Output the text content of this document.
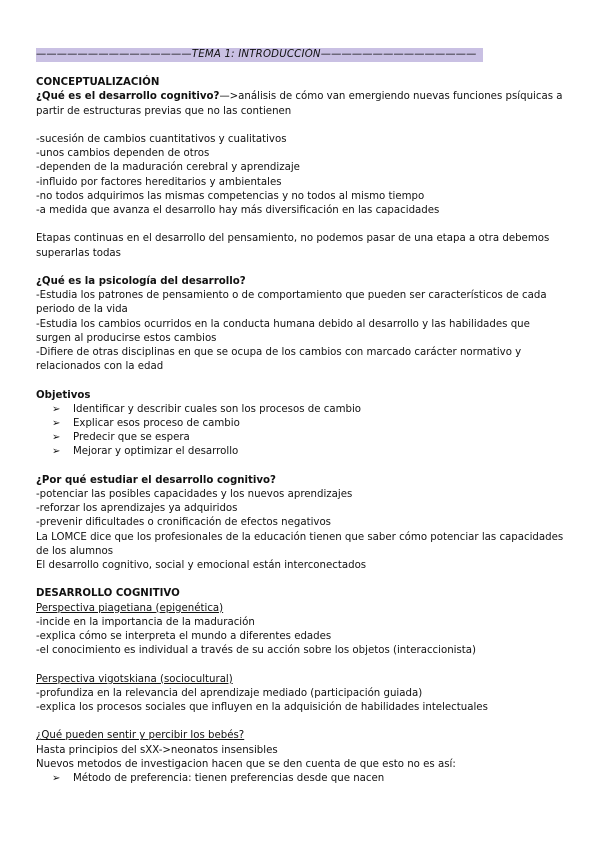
———————————————TEMA 1: INTRODUCCIÓN———————————————
CONCEPTUALIZACIÓN
¿Qué es el desarrollo cognitivo?—>análisis de cómo van emergiendo nuevas funciones psíquicas a partir de estructuras previas que no las contienen
-sucesión de cambios cuantitativos y cualitativos
-unos cambios dependen de otros
-dependen de la maduración cerebral y aprendizaje
-influido por factores hereditarios y ambientales
-no todos adquirimos las mismas competencias y no todos al mismo tiempo
-a medida que avanza el desarrollo hay más diversificación en las capacidades
Etapas continuas en el desarrollo del pensamiento, no podemos pasar de una etapa a otra debemos superarlas todas
¿Qué es la psicología del desarrollo?
-Estudia los patrones de pensamiento o de comportamiento que pueden ser característicos de cada periodo de la vida
-Estudia los cambios ocurridos en la conducta humana debido al desarrollo y las habilidades que surgen al producirse estos cambios
-Difiere de otras disciplinas en que se ocupa de los cambios con marcado carácter normativo y relacionados con la edad
Objetivos
➢ Identificar y describir cuales son los procesos de cambio
➢ Explicar esos proceso de cambio
➢ Predecir que se espera
➢ Mejorar y optimizar el desarrollo
¿Por qué estudiar el desarrollo cognitivo?
-potenciar las posibles capacidades y los nuevos aprendizajes
-reforzar los aprendizajes ya adquiridos
-prevenir dificultades o cronificación de efectos negativos
La LOMCE dice que los profesionales de la educación tienen que saber cómo potenciar las capacidades de los alumnos
El desarrollo cognitivo, social y emocional están interconectados
DESARROLLO COGNITIVO
Perspectiva piagetiana (epigenética)
-incide en la importancia de la maduración
-explica cómo se interpreta el mundo a diferentes edades
-el conocimiento es individual a través de su acción sobre los objetos (interaccionista)
Perspectiva vigotskiana (sociocultural)
-profundiza en la relevancia del aprendizaje mediado (participación guiada)
-explica los procesos sociales que influyen en la adquisición de habilidades intelectuales
¿Qué pueden sentir y percibir los bebés?
Hasta principios del sXX->neonatos insensibles
Nuevos metodos de investigacion hacen que se den cuenta de que esto no es así:
➢ Método de preferencia: tienen preferencias desde que nacen
